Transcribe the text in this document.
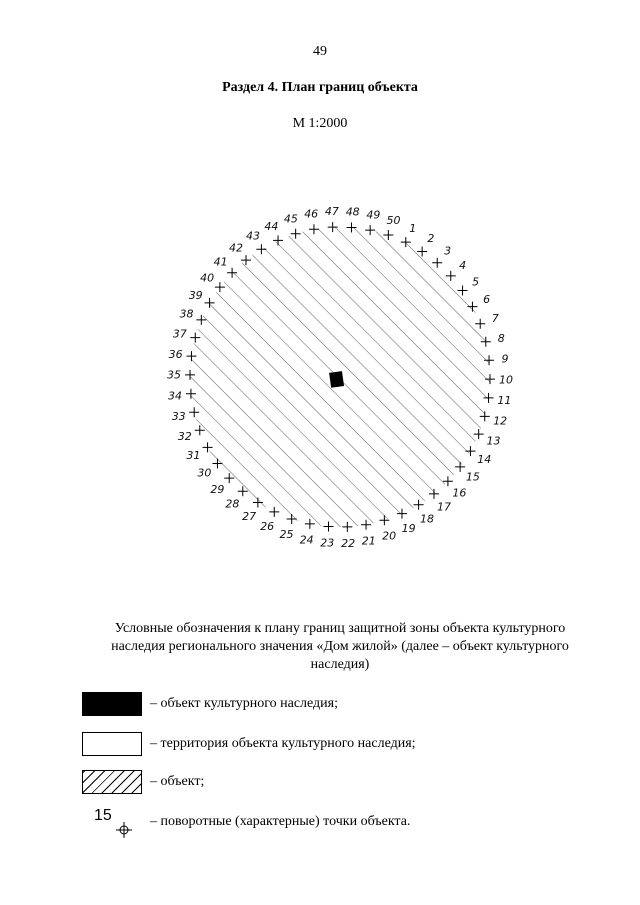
49
Раздел 4. План границ объекта
М 1:2000
1
2
3
4
5
6
7
8
9
10
11
12
13
14
15
16
17
18
19
20
21
22
23
24
25
26
27
28
29
30
31
32
33
34
35
36
37
38
39
40
41
42
43
44
45 46 47 48 49 50
Условные обозначения к плану границ защитной зоны объекта культурного наследия регионального значения «Дом жилой» (далее – объект культурного наследия)
– объект культурного наследия;
– территория объекта культурного наследия;
– объект;
15	– поворотные (характерные) точки объекта.
